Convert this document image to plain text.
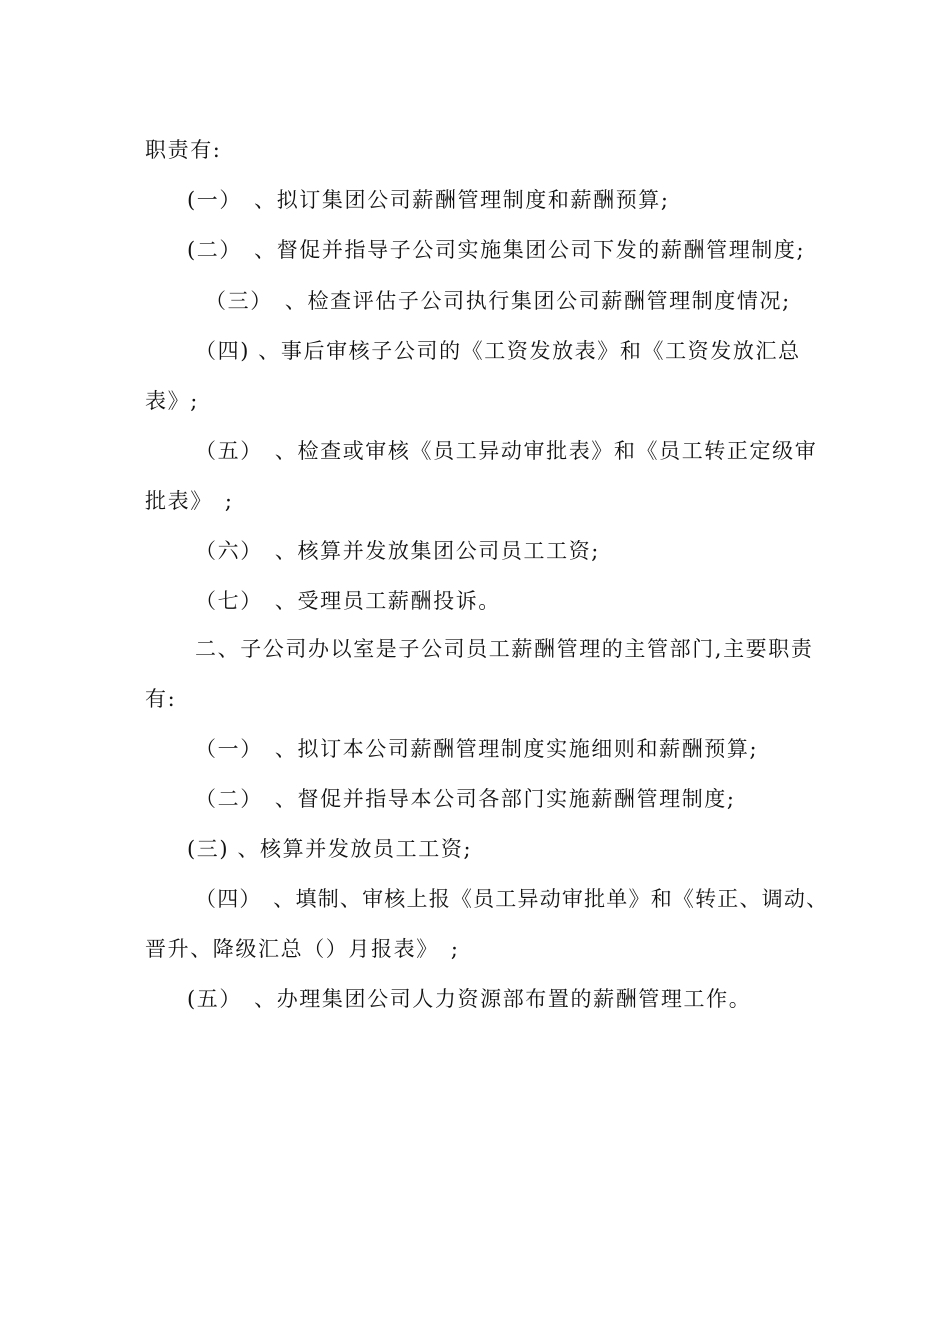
职责有:
(一）　、拟订集团公司薪酬管理制度和薪酬预算;
(二）　、督促并指导子公司实施集团公司下发的薪酬管理制度;
（三）　、检查评估子公司执行集团公司薪酬管理制度情况;
（四) 、事后审核子公司的《工资发放表》和《工资发放汇总
表》;
（五）　、检查或审核《员工异动审批表》和《员工转正定级审
批表》　;
（六）　、核算并发放集团公司员工工资;
（七）　、受理员工薪酬投诉。
二、子公司办以室是子公司员工薪酬管理的主管部门,主要职责
有:
（一）　、拟订本公司薪酬管理制度实施细则和薪酬预算;
（二）　、督促并指导本公司各部门实施薪酬管理制度;
(三) 、核算并发放员工工资;
（四）　、填制、审核上报《员工异动审批单》和《转正、调动、
晋升、降级汇总（）月报表》　;
(五）　、办理集团公司人力资源部布置的薪酬管理工作。
